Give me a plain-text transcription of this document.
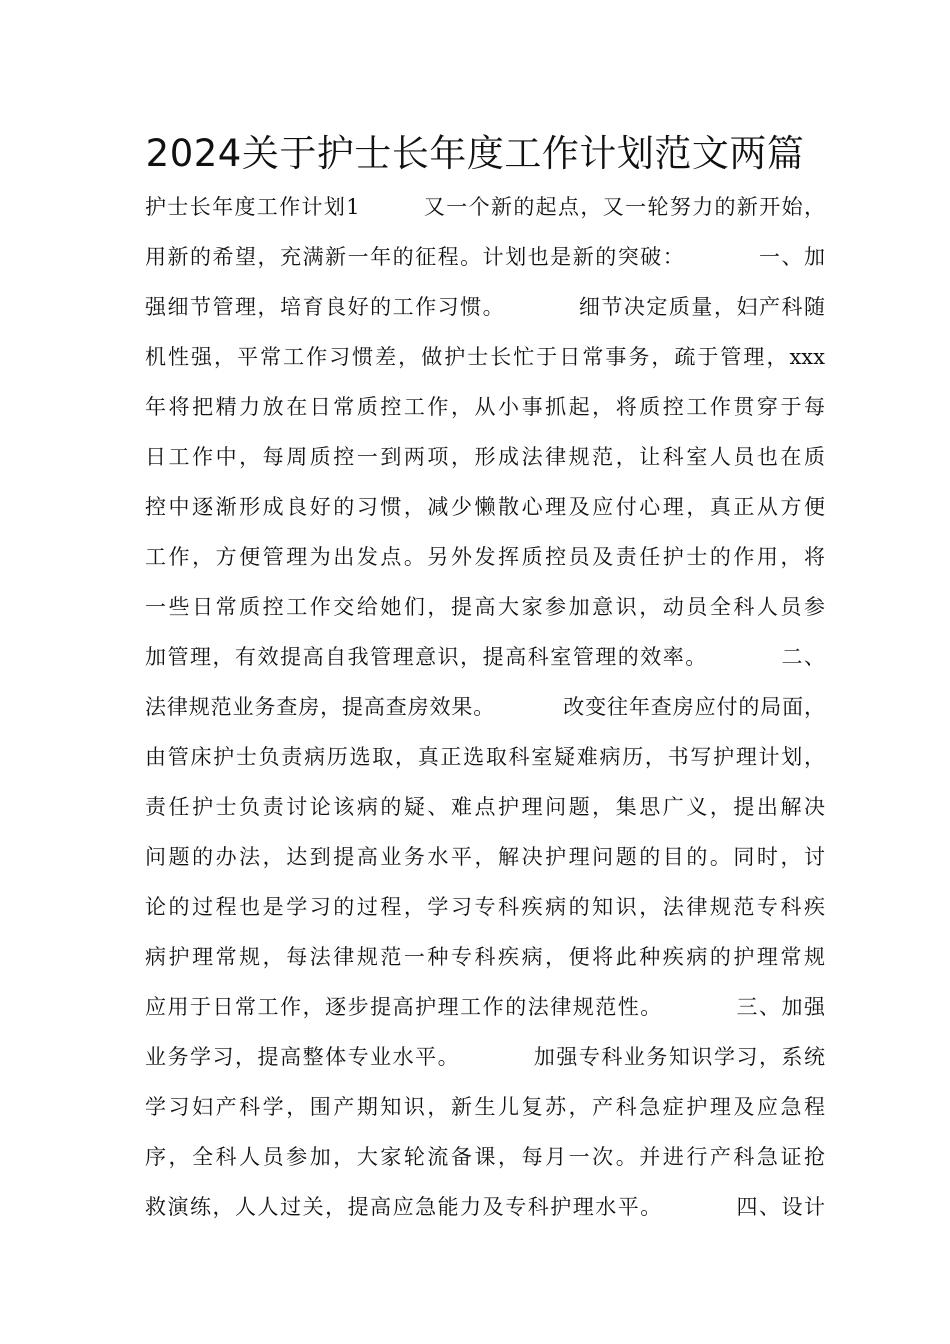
2024关于护士长年度工作计划范文两篇
护士长年度工作计划1        又一个新的起点，又一轮努力的新开始，
用新的希望，充满新一年的征程。计划也是新的突破：         一、加
强细节管理，培育良好的工作习惯。         细节决定质量，妇产科随
机性强，平常工作习惯差，做护士长忙于日常事务，疏于管理，xxx
年将把精力放在日常质控工作，从小事抓起，将质控工作贯穿于每
日工作中，每周质控一到两项，形成法律规范，让科室人员也在质
控中逐渐形成良好的习惯，减少懒散心理及应付心理，真正从方便
工作，方便管理为出发点。另外发挥质控员及责任护士的作用，将
一些日常质控工作交给她们，提高大家参加意识，动员全科人员参
加管理，有效提高自我管理意识，提高科室管理的效率。         二、
法律规范业务查房，提高查房效果。         改变往年查房应付的局面，
由管床护士负责病历选取，真正选取科室疑难病历，书写护理计划，
责任护士负责讨论该病的疑、难点护理问题，集思广义，提出解决
问题的办法，达到提高业务水平，解决护理问题的目的。同时，讨
论的过程也是学习的过程，学习专科疾病的知识，法律规范专科疾
病护理常规，每法律规范一种专科疾病，便将此种疾病的护理常规
应用于日常工作，逐步提高护理工作的法律规范性。         三、加强
业务学习，提高整体专业水平。         加强专科业务知识学习，系统
学习妇产科学，围产期知识，新生儿复苏，产科急症护理及应急程
序，全科人员参加，大家轮流备课，每月一次。并进行产科急证抢
救演练，人人过关，提高应急能力及专科护理水平。         四、设计
